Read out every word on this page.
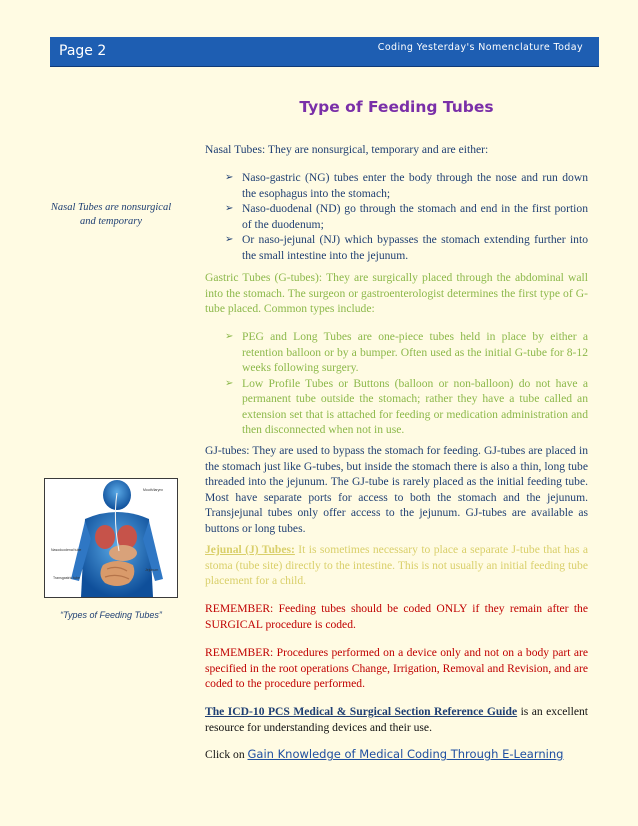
Page 2	Coding Yesterday's Nomenclature Today
Type of Feeding Tubes
Nasal Tubes are nonsurgical and temporary
Mouth/larynx
Nasoduodenal tube
Transgastric tube
Jejunum
“Types of Feeding Tubes”
Nasal Tubes: They are nonsurgical, temporary and are either:
➢ Naso-gastric (NG) tubes enter the body through the nose and run down the esophagus into the stomach;
➢ Naso-duodenal (ND) go through the stomach and end in the first portion of the duodenum;
➢ Or naso-jejunal (NJ) which bypasses the stomach extending further into the small intestine into the jejunum.
Gastric Tubes (G-tubes): They are surgically placed through the abdominal wall into the stomach. The surgeon or gastroenterologist determines the first type of G-tube placed. Common types include:
➢ PEG and Long Tubes are one-piece tubes held in place by either a retention balloon or by a bumper. Often used as the initial G-tube for 8-12 weeks following surgery.
➢ Low Profile Tubes or Buttons (balloon or non-balloon) do not have a permanent tube outside the stomach; rather they have a tube called an extension set that is attached for feeding or medication administration and then disconnected when not in use.
GJ-tubes: They are used to bypass the stomach for feeding. GJ-tubes are placed in the stomach just like G-tubes, but inside the stomach there is also a thin, long tube threaded into the jejunum. The GJ-tube is rarely placed as the initial feeding tube. Most have separate ports for access to both the stomach and the jejunum. Transjejunal tubes only offer access to the jejunum. GJ-tubes are available as buttons or long tubes.
Jejunal (J) Tubes: It is sometimes necessary to place a separate J-tube that has a stoma (tube site) directly to the intestine. This is not usually an initial feeding tube placement for a child.
REMEMBER: Feeding tubes should be coded ONLY if they remain after the SURGICAL procedure is coded.
REMEMBER: Procedures performed on a device only and not on a body part are specified in the root operations Change, Irrigation, Removal and Revision, and are coded to the procedure performed.
The ICD-10 PCS Medical & Surgical Section Reference Guide is an excellent resource for understanding devices and their use.
Click on Gain Knowledge of Medical Coding Through E-Learning
